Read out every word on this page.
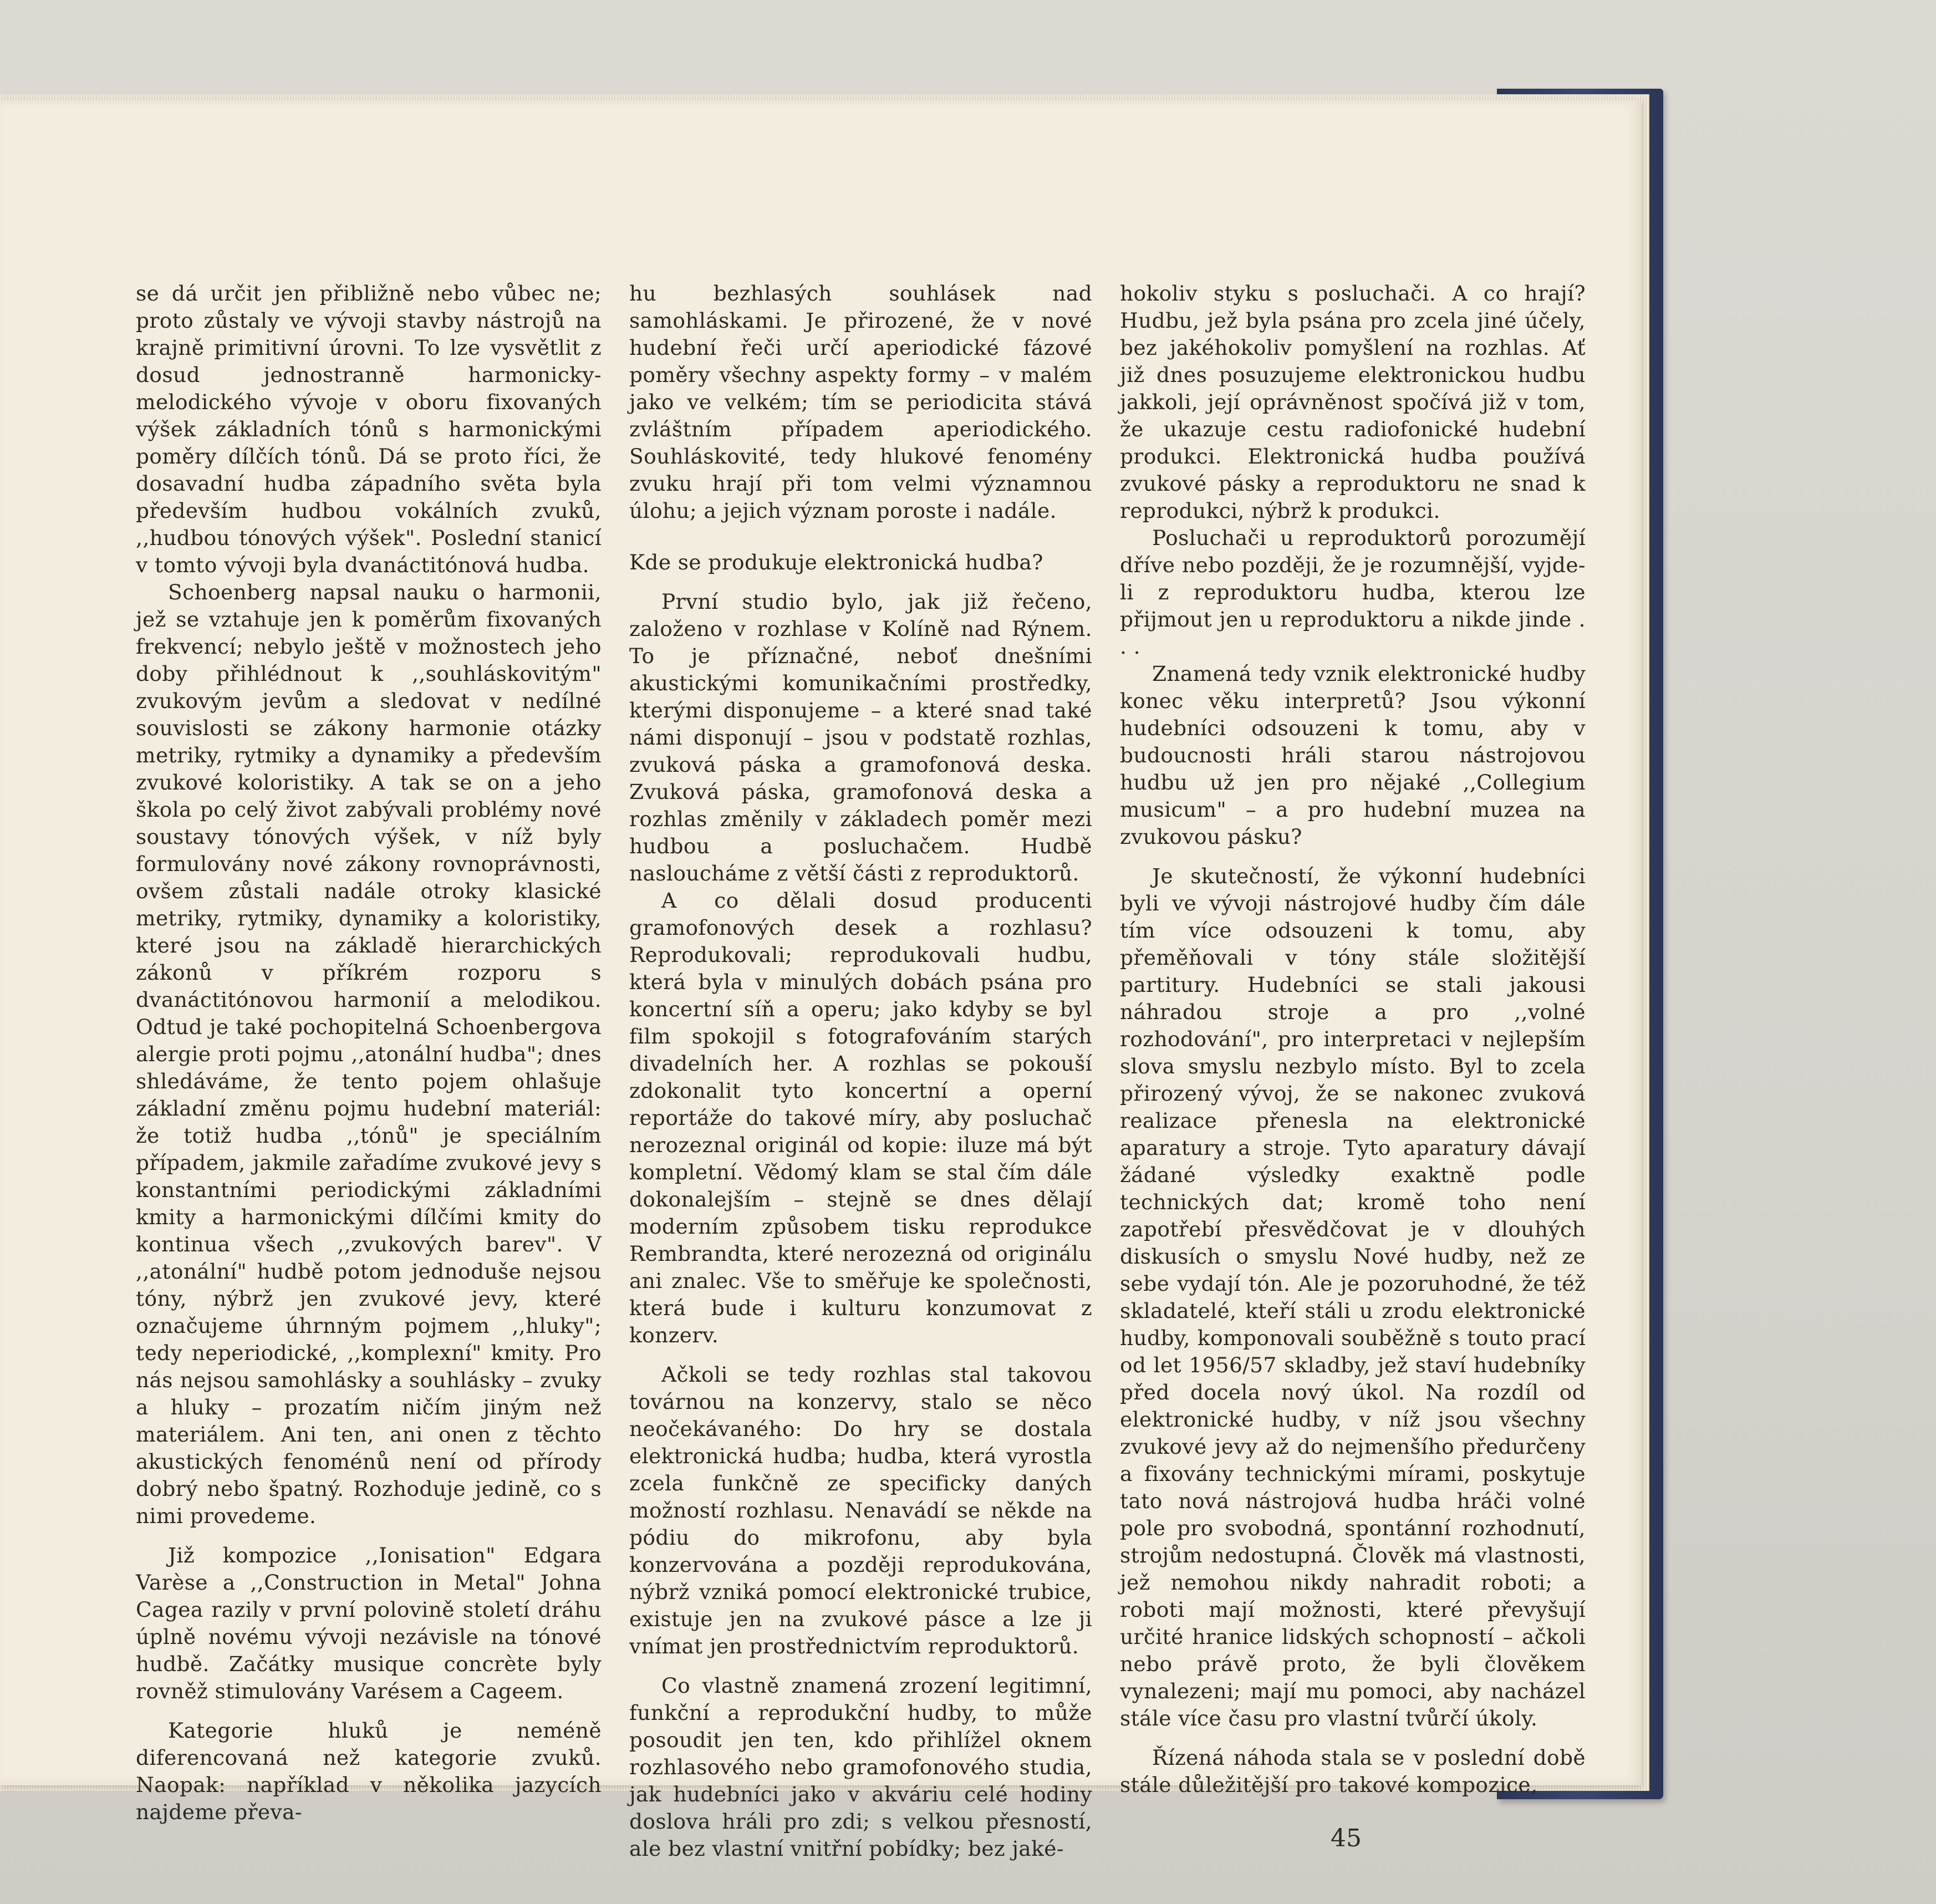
se dá určit jen přibližně nebo vůbec ne; proto zůstaly ve vývoji stavby nástrojů na krajně primitivní úrovni. To lze vysvětlit z dosud jednostranně harmonicky-melodického vývoje v oboru fixovaných výšek základních tónů s harmonickými poměry dílčích tónů. Dá se proto říci, že dosavadní hudba západního světa byla především hudbou vokálních zvuků, ,,hudbou tónových výšek". Poslední stanicí v tomto vývoji byla dvanáctitónová hudba.

Schoenberg napsal nauku o harmonii, jež se vztahuje jen k poměrům fixovaných frekvencí; nebylo ještě v možnostech jeho doby přihlédnout k ,,souhláskovitým" zvukovým jevům a sledovat v nedílné souvislosti se zákony harmonie otázky metriky, rytmiky a dynamiky a především zvukové koloristiky. A tak se on a jeho škola po celý život zabývali problémy nové soustavy tónových výšek, v níž byly formulovány nové zákony rovnoprávnosti, ovšem zůstali nadále otroky klasické metriky, rytmiky, dynamiky a koloristiky, které jsou na základě hierarchických zákonů v příkrém rozporu s dvanáctitónovou harmonií a melodikou. Odtud je také pochopitelná Schoenbergova alergie proti pojmu ,,atonální hudba"; dnes shledáváme, že tento pojem ohlašuje základní změnu pojmu hudební materiál: že totiž hudba ,,tónů" je speciálním případem, jakmile zařadíme zvukové jevy s konstantními periodickými základními kmity a harmonickými dílčími kmity do kontinua všech ,,zvukových barev". V ,,atonální" hudbě potom jednoduše nejsou tóny, nýbrž jen zvukové jevy, které označujeme úhrnným pojmem ,,hluky"; tedy neperiodické, ,,komplexní" kmity. Pro nás nejsou samohlásky a souhlásky – zvuky a hluky – prozatím ničím jiným než materiálem. Ani ten, ani onen z těchto akustických fenoménů není od přírody dobrý nebo špatný. Rozhoduje jedině, co s nimi provedeme.

Již kompozice ,,Ionisation" Edgara Varèse a ,,Construction in Metal" Johna Cagea razily v první polovině století dráhu úplně novému vývoji nezávisle na tónové hudbě. Začátky musique concrète byly rovněž stimulovány Varésem a Cageem.

Kategorie hluků je neméně diferencovaná než kategorie zvuků. Naopak: například v několika jazycích najdeme převa-

hu bezhlasých souhlásek nad samohláskami. Je přirozené, že v nové hudební řeči určí aperiodické fázové poměry všechny aspekty formy – v malém jako ve velkém; tím se periodicita stává zvláštním případem aperiodického. Souhláskovité, tedy hlukové fenomény zvuku hrají při tom velmi významnou úlohu; a jejich význam poroste i nadále.

Kde se produkuje elektronická hudba?

První studio bylo, jak již řečeno, založeno v rozhlase v Kolíně nad Rýnem. To je příznačné, neboť dnešními akustickými komunikačními prostředky, kterými disponujeme – a které snad také námi disponují – jsou v podstatě rozhlas, zvuková páska a gramofonová deska. Zvuková páska, gramofonová deska a rozhlas změnily v základech poměr mezi hudbou a posluchačem. Hudbě nasloucháme z větší části z reproduktorů.

A co dělali dosud producenti gramofonových desek a rozhlasu? Reprodukovali; reprodukovali hudbu, která byla v minulých dobách psána pro koncertní síň a operu; jako kdyby se byl film spokojil s fotografováním starých divadelních her. A rozhlas se pokouší zdokonalit tyto koncertní a operní reportáže do takové míry, aby posluchač nerozeznal originál od kopie: iluze má být kompletní. Vědomý klam se stal čím dále dokonalejším – stejně se dnes dělají moderním způsobem tisku reprodukce Rembrandta, které nerozezná od originálu ani znalec. Vše to směřuje ke společnosti, která bude i kulturu konzumovat z konzerv.

Ačkoli se tedy rozhlas stal takovou továrnou na konzervy, stalo se něco neočekávaného: Do hry se dostala elektronická hudba; hudba, která vyrostla zcela funkčně ze specificky daných možností rozhlasu. Nenavádí se někde na pódiu do mikrofonu, aby byla konzervována a později reprodukována, nýbrž vzniká pomocí elektronické trubice, existuje jen na zvukové pásce a lze ji vnímat jen prostřednictvím reproduktorů.

Co vlastně znamená zrození legitimní, funkční a reprodukční hudby, to může posoudit jen ten, kdo přihlížel oknem rozhlasového nebo gramofonového studia, jak hudebníci jako v akváriu celé hodiny doslova hráli pro zdi; s velkou přesností, ale bez vlastní vnitřní pobídky; bez jaké-

hokoliv styku s posluchači. A co hrají? Hudbu, jež byla psána pro zcela jiné účely, bez jakéhokoliv pomyšlení na rozhlas. Ať již dnes posuzujeme elektronickou hudbu jakkoli, její oprávněnost spočívá již v tom, že ukazuje cestu radiofonické hudební produkci. Elektronická hudba používá zvukové pásky a reproduktoru ne snad k reprodukci, nýbrž k produkci.

Posluchači u reproduktorů porozumějí dříve nebo později, že je rozumnější, vyjde-li z reproduktoru hudba, kterou lze přijmout jen u reproduktoru a nikde jinde . . .

Znamená tedy vznik elektronické hudby konec věku interpretů? Jsou výkonní hudebníci odsouzeni k tomu, aby v budoucnosti hráli starou nástrojovou hudbu už jen pro nějaké ,,Collegium musicum" – a pro hudební muzea na zvukovou pásku?

Je skutečností, že výkonní hudebníci byli ve vývoji nástrojové hudby čím dále tím více odsouzeni k tomu, aby přeměňovali v tóny stále složitější partitury. Hudebníci se stali jakousi náhradou stroje a pro ,,volné rozhodování", pro interpretaci v nejlepším slova smyslu nezbylo místo. Byl to zcela přirozený vývoj, že se nakonec zvuková realizace přenesla na elektronické aparatury a stroje. Tyto aparatury dávají žádané výsledky exaktně podle technických dat; kromě toho není zapotřebí přesvědčovat je v dlouhých diskusích o smyslu Nové hudby, než ze sebe vydají tón. Ale je pozoruhodné, že též skladatelé, kteří stáli u zrodu elektronické hudby, komponovali souběžně s touto prací od let 1956/57 skladby, jež staví hudebníky před docela nový úkol. Na rozdíl od elektronické hudby, v níž jsou všechny zvukové jevy až do nejmenšího předurčeny a fixovány technickými mírami, poskytuje tato nová nástrojová hudba hráči volné pole pro svobodná, spontánní rozhodnutí, strojům nedostupná. Člověk má vlastnosti, jež nemohou nikdy nahradit roboti; a roboti mají možnosti, které převyšují určité hranice lidských schopností – ačkoli nebo právě proto, že byli člověkem vynalezeni; mají mu pomoci, aby nacházel stále více času pro vlastní tvůrčí úkoly.

Řízená náhoda stala se v poslední době stále důležitější pro takové kompozice,

45
